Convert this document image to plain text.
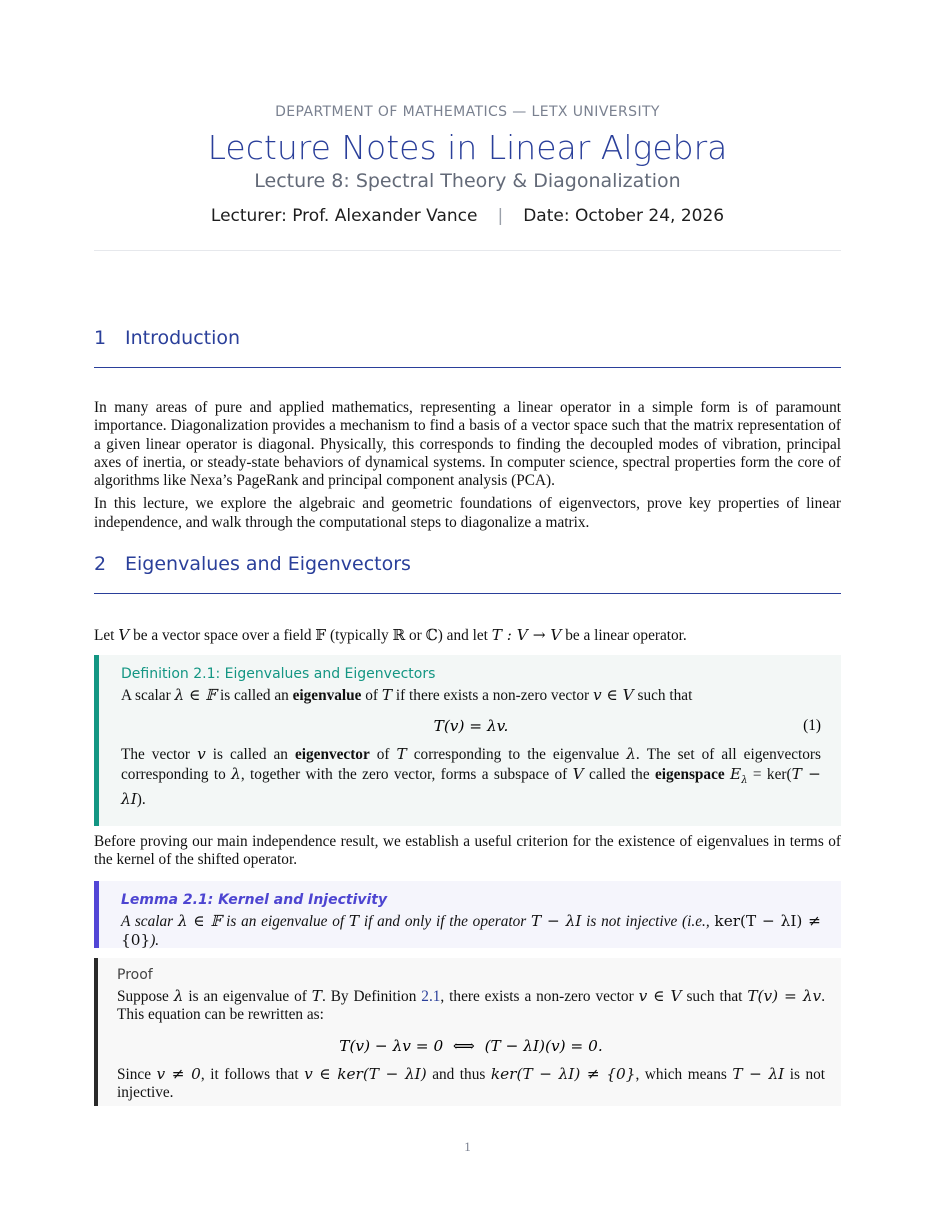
DEPARTMENT OF MATHEMATICS — LETX UNIVERSITY
Lecture Notes in Linear Algebra
Lecture 8: Spectral Theory & Diagonalization
Lecturer: Prof. Alexander Vance | Date: October 24, 2026
1 Introduction

In many areas of pure and applied mathematics, representing a linear operator in a simple form is of paramount importance. Diagonalization provides a mechanism to find a basis of a vector space such that the matrix representation of a given linear operator is diagonal. Physically, this corresponds to finding the decoupled modes of vibration, principal axes of inertia, or steady-state behaviors of dynamical systems. In computer science, spectral properties form the core of algorithms like Nexa’s PageRank and principal component analysis (PCA).

In this lecture, we explore the algebraic and geometric foundations of eigenvectors, prove key properties of linear independence, and walk through the computational steps to diagonalize a matrix.

2 Eigenvalues and Eigenvectors

Let V be a vector space over a field 𝔽 (typically ℝ or ℂ) and let T : V → V be a linear operator.

Definition 2.1: Eigenvalues and Eigenvectors

A scalar λ ∈ 𝔽 is called an eigenvalue of T if there exists a non-zero vector v ∈ V such that

T(v) = λv.	(1)

The vector v is called an eigenvector of T corresponding to the eigenvalue λ. The set of all eigenvectors corresponding to λ, together with the zero vector, forms a subspace of V called the eigenspace $E_\lambda = ker(T - \lambda I)$.

Before proving our main independence result, we establish a useful criterion for the existence of eigenvalues in terms of the kernel of the shifted operator.

Lemma 2.1: Kernel and Injectivity

A scalar λ ∈ 𝔽 is an eigenvalue of T if and only if the operator T − λI is not injective (i.e., ker(T − λI) ≠ {0}).

Proof

Suppose λ is an eigenvalue of T. By Definition 2.1, there exists a non-zero vector v ∈ V such that T(v) = λv. This equation can be rewritten as:

T(v) − λv = 0  ⟺  (T − λI)(v) = 0.

Since v ≠ 0, it follows that v ∈ ker(T − λI) and thus ker(T − λI) ≠ {0}, which means T − λI is not injective.

1
